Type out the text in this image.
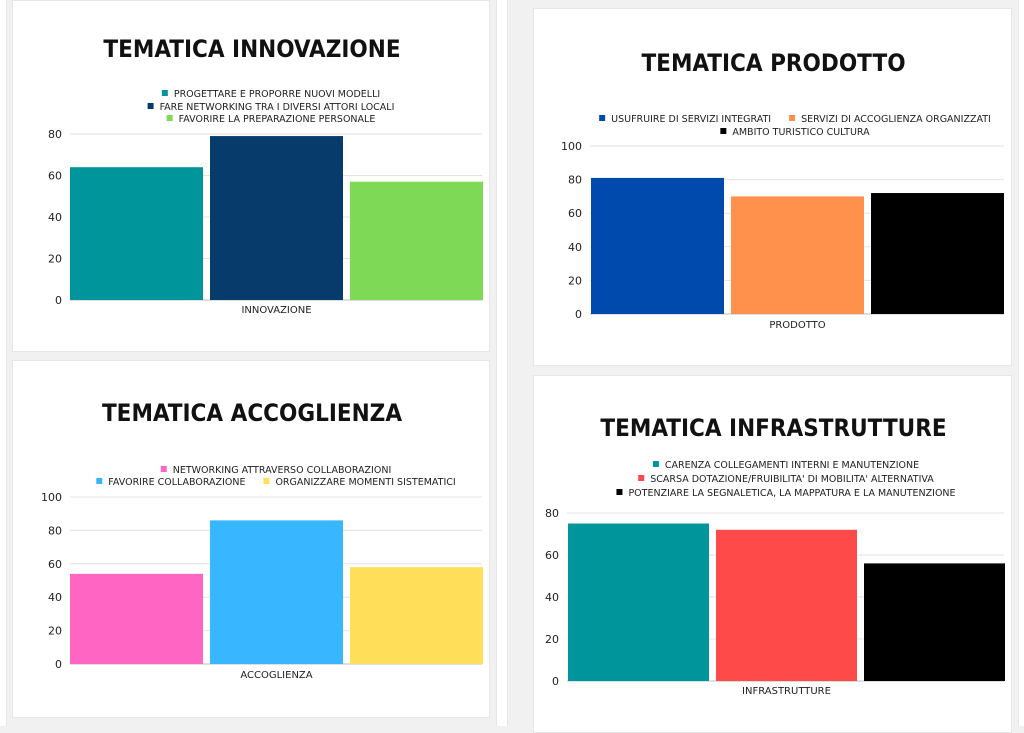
TEMATICA INNOVAZIONE
PROGETTARE E PROPORRE NUOVI MODELLI
FARE NETWORKING TRA I DIVERSI ATTORI LOCALI
FAVORIRE LA PREPARAZIONE PERSONALE
0
20
40
60
80
INNOVAZIONE
TEMATICA PRODOTTO
USUFRUIRE DI SERVIZI INTEGRATI	SERVIZI DI ACCOGLIENZA ORGANIZZATI
AMBITO TURISTICO CULTURA
0
20
40
60
80
100
PRODOTTO
TEMATICA ACCOGLIENZA
NETWORKING ATTRAVERSO COLLABORAZIONI
FAVORIRE COLLABORAZIONE	ORGANIZZARE MOMENTI SISTEMATICI
0
20
40
60
80
100
ACCOGLIENZA
TEMATICA INFRASTRUTTURE
CARENZA COLLEGAMENTI INTERNI E MANUTENZIONE
SCARSA DOTAZIONE/FRUIBILITA' DI MOBILITA' ALTERNATIVA
POTENZIARE LA SEGNALETICA, LA MAPPATURA E LA MANUTENZIONE
0
20
40
60
80
INFRASTRUTTURE
